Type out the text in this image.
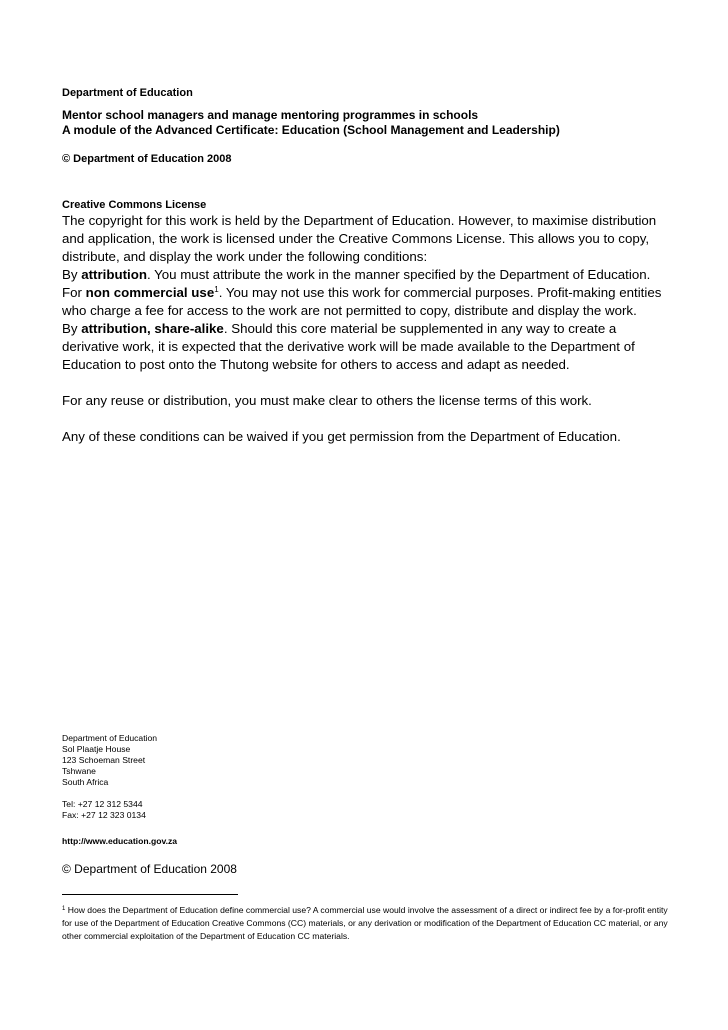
Department of Education
Mentor school managers and manage mentoring programmes in schools
A module of the Advanced Certificate: Education (School Management and Leadership)
© Department of Education 2008
Creative Commons License

The copyright for this work is held by the Department of Education. However, to maximise distribution and application, the work is licensed under the Creative Commons License. This allows you to copy, distribute, and display the work under the following conditions:

By attribution. You must attribute the work in the manner specified by the Department of Education.

For non commercial use$^1$. You may not use this work for commercial purposes. Profit-making entities who charge a fee for access to the work are not permitted to copy, distribute and display the work.

By attribution, share-alike. Should this core material be supplemented in any way to create a derivative work, it is expected that the derivative work will be made available to the Department of Education to post onto the Thutong website for others to access and adapt as needed.

For any reuse or distribution, you must make clear to others the license terms of this work.

Any of these conditions can be waived if you get permission from the Department of Education.

Department of Education
Sol Plaatje House
123 Schoeman Street
Tshwane
South Africa
Tel: +27 12 312 5344
Fax: +27 12 323 0134
http://www.education.gov.za
© Department of Education 2008
$^1$ How does the Department of Education define commercial use? A commercial use would involve the assessment of a direct or indirect fee by a for-profit entity for use of the Department of Education Creative Commons (CC) materials, or any derivation or modification of the Department of Education CC material, or any other commercial exploitation of the Department of Education CC materials.
